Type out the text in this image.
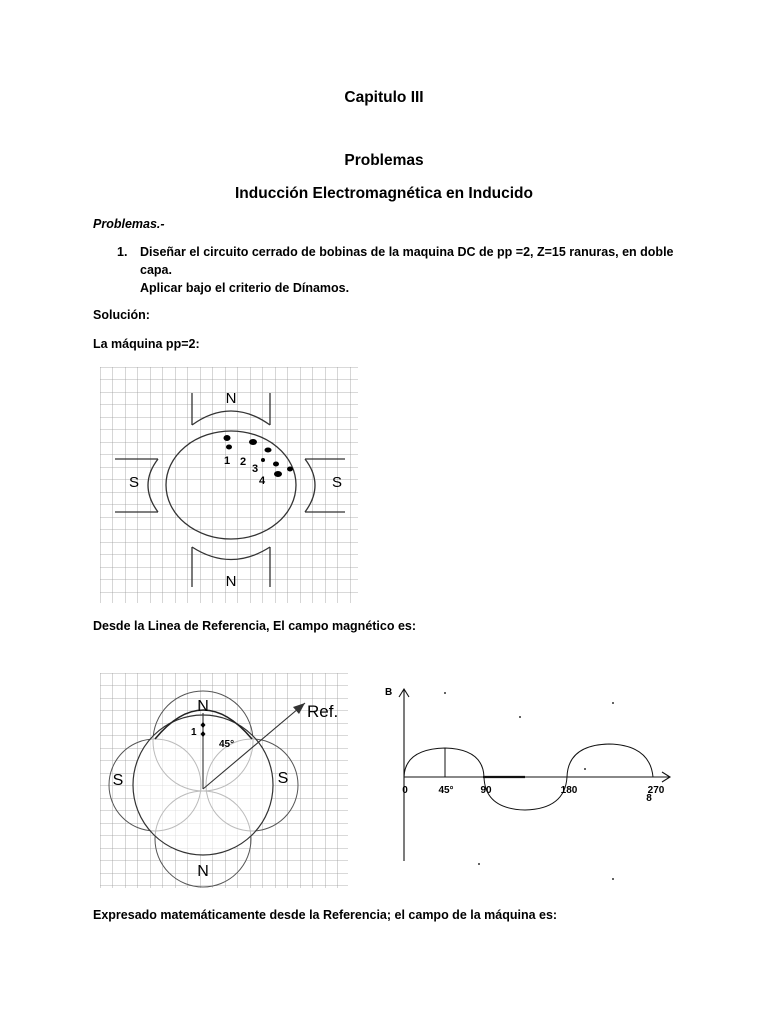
Capitulo III
Problemas
Inducción Electromagnética en Inducido
Problemas.-
1. Diseñar el circuito cerrado de bobinas de la maquina DC de pp =2, Z=15 ranuras, en doble
capa.
Aplicar bajo el criterio de Dínamos.
Solución:
La máquina pp=2:
Desde la Linea de Referencia, El campo magnético es:
Expresado matemáticamente desde la Referencia; el campo de la máquina es:
N
N
S	S
1 2
3
4
N
N
S	S
Ref.
45°
1
B
0	45°	90	180	270
8
